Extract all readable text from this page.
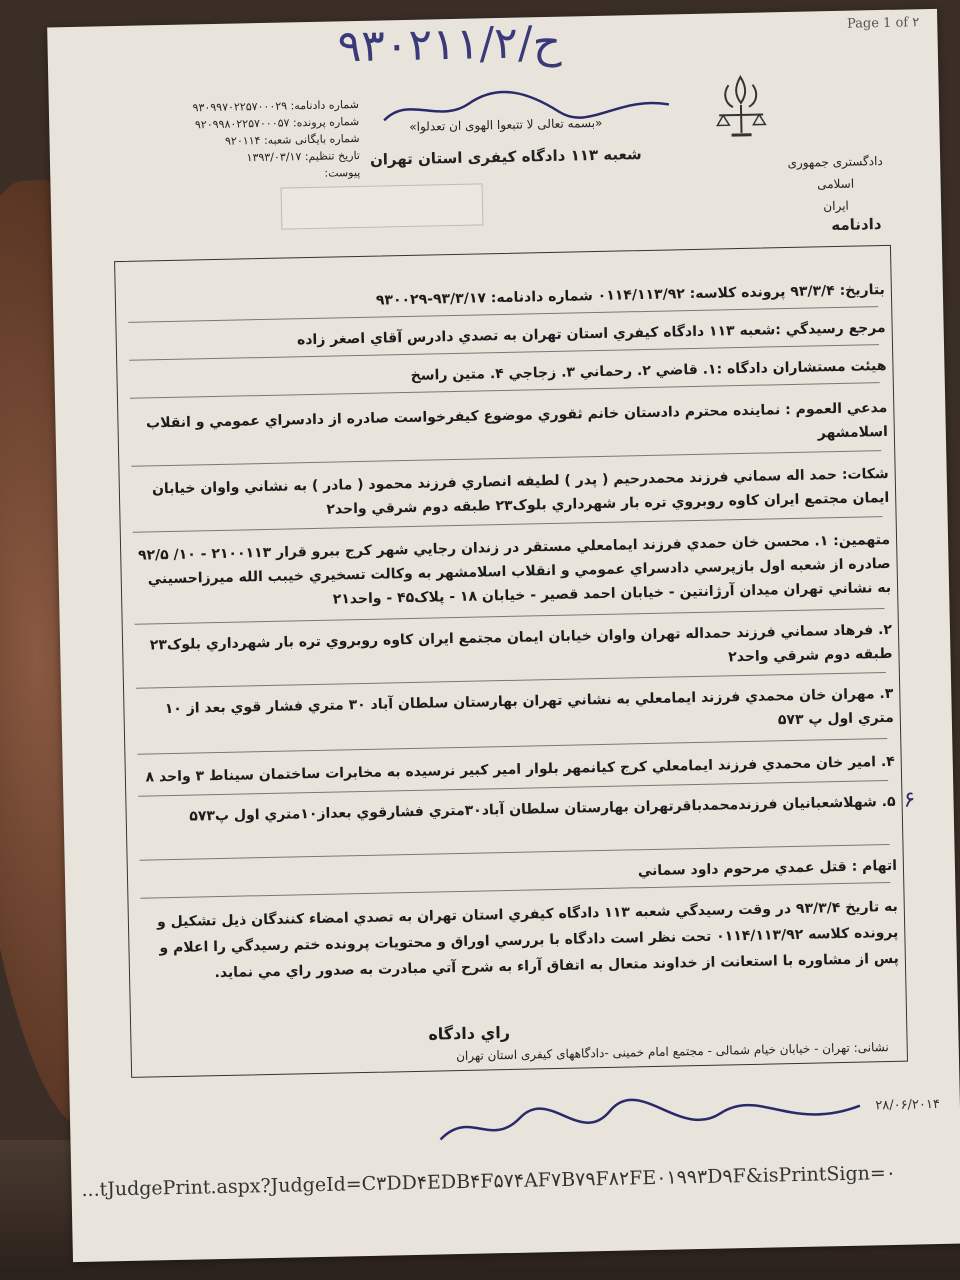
Page 1 of ۲
۹۳۰۲۱۱/ح/۲
دادگستری جمهوری اسلامی
ایران
«بسمه تعالی لا تتبعوا الهوی ان تعدلوا»
شعبه ۱۱۳ دادگاه کیفری استان تهران
شماره دادنامه: ۹۳۰۹۹۷۰۲۲۵۷۰۰۰۲۹
شماره پرونده: ۹۲۰۹۹۸۰۲۲۵۷۰۰۰۵۷
شماره بایگانی شعبه: ۹۲۰۱۱۴
تاریخ تنظیم: ۱۳۹۳/۰۳/۱۷
پیوست:
دادنامه
بتاريخ: ۹۳/۳/۴ پرونده کلاسه: ۰۱۱۴/۱۱۳/۹۲ شماره دادنامه: ۹۳/۳/۱۷-۹۳۰۰۲۹
مرجع رسيدگي :شعبه ۱۱۳ دادگاه کيفري استان تهران به تصدي دادرس آقاي اصغر زاده
هيئت مستشاران دادگاه :۱. قاضي ۲. رحماني ۳. زجاجي ۴. متين راسخ
مدعي العموم : نماينده محترم دادستان خانم ثقوري موضوع کيفرخواست صادره از دادسراي عمومي و انقلاب اسلامشهر
شكات: حمد اله سماني فرزند محمدرحيم ( پدر ) لطيفه انصاري فرزند محمود ( مادر ) به نشاني واوان خيابان ايمان مجتمع ايران کاوه روبروي تره بار شهرداري بلوک۲۳ طبقه دوم شرقي واحد۲
متهمين: ۱. محسن خان حمدي فرزند ايمامعلي مستقر در زندان رجايي شهر کرج ببرو قرار ۲۱۰۰۱۱۳ - ۱۰/ ۹۲/۵ صادره از شعبه اول بازپرسي دادسراي عمومي و انقلاب اسلامشهر به وكالت تسخيري خيبب الله ميرزاحسيني به نشاني تهران ميدان آرژانتين - خيابان احمد قصير - خيابان ۱۸ - پلاک۴۵ - واحد۲۱
۲. فرهاد سماني فرزند حمداله تهران واوان خيابان ايمان مجتمع ايران کاوه روبروي تره بار شهرداري بلوک۲۳ طبقه دوم شرقي واحد۲
۳. مهران خان محمدي فرزند ايمامعلي به نشاني تهران بهارستان سلطان آباد ۳۰ متري فشار قوي بعد از ۱۰ متري اول پ ۵۷۳
۴. امير خان محمدي فرزند ايمامعلي کرج کيانمهر بلوار امير کبير نرسيده به مخابرات ساختمان سيناط ۳ واحد ۸
۵. شهلاشعبانيان فرزندمحمدباقرتهران بهارستان سلطان آباد۳۰متري فشارقوي بعداز۱۰متري اول پ۵۷۳ ۶
اتهام : قتل عمدي مرحوم داود سماني
به تاريخ ۹۳/۳/۴ در وقت رسيدگي شعبه ۱۱۳ دادگاه کيفري استان تهران به تصدي امضاء کنندگان ذيل تشکيل و پرونده کلاسه ۰۱۱۴/۱۱۳/۹۲ تحت نظر است دادگاه با بررسي اوراق و محتويات پرونده ختم رسيدگي را اعلام و پس از مشاوره با استعانت از خداوند متعال به اتفاق آراء به شرح آتي مبادرت به صدور راي مي نمايد.
راي دادگاه
نشانی: تهران - خیابان خیام شمالی - مجتمع امام خمینی -دادگاههای کیفری استان تهران
۲۸/۰۶/۲۰۱۴
...tJudgePrint.aspx?JudgeId=C۳DD۴EDB۴F۵۷۴AF۷B۷۹F۸۲FE۰۱۹۹۳D۹F&isPrintSign=۰
